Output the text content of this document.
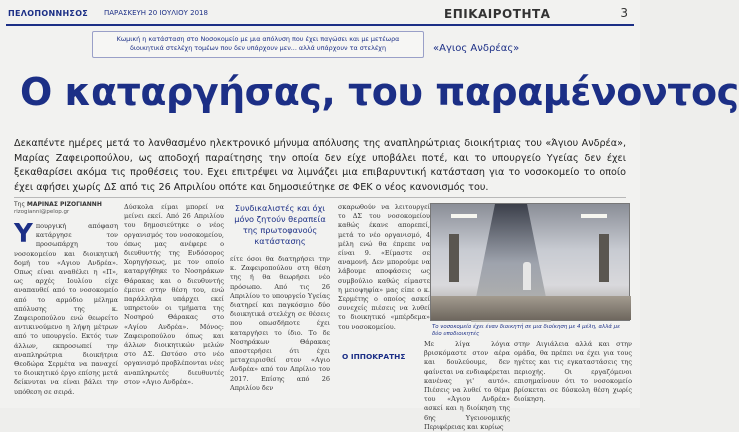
ΠΕΛΟΠΟΝΝΗΣΟΣ ΠΑΡΑΣΚΕΥΗ 20 ΙΟΥΛΙΟΥ 2018	ΕΠΙΚΑΙΡΟΤΗΤΑ	3
Κωμική η κατάσταση στο Νοσοκομείο με μια απόλυση που έχει παγώσει και με μετέωρα διοικητικά στελέχη τομέων που δεν υπάρχουν μεν... αλλά υπάρχουν τα στελέχη	«Αγιος Ανδρέας»
Ο καταργήσας, του παραμένοντος
Δεκαπέντε ημέρες μετά το λανθασμένο ηλεκτρονικό μήνυμα απόλυσης της αναπληρώτριας διοικήτριας του «Άγιου Ανδρέα», Μαρίας Ζαφειροπούλου, ως αποδοχή παραίτησης την οποία δεν είχε υποβάλει ποτέ, και το υπουργείο Υγείας δεν έχει ξεκαθαρίσει ακόμα τις προθέσεις του. Εχει επιτρέψει να λιμνάζει μια επιβαρυντική κατάσταση για το νοσοκομείο το οποίο έχει αφήσει χωρίς ΔΣ από τις 26 Απριλίου οπότε και δημοσιεύτηκε σε ΦΕΚ ο νέος κανονισμός του.
Της ΜΑΡΙΝΑΣ ΡΙΖΟΓΙΑΝΝΗ
rizogianni@pelop.gr
Υπουργική απόφαση κατάργησε τον προσωπάρχη του νοσοκομείου και διοικητική δομή του «Αγιου Ανδρέα». Οπως είναι αναθέλει η «Π», ως αρχές Ιουλίου είχε αναπαυθεί από το νοσοκομείο από το αρμόδιο μέλημα απόλυσης της κ. Ζαφειροπούλου ενώ θεωρείτο αντικινούμενο η λήψη μέτρων από το υπουργείο. Εκτός των άλλων, εκπροσωπεί την αναπληρώτρια διοικήτρια Θεοδώρα Σερμέτα να παναχεί το διοικητικό έργο επίσης μετά δείκνυται να είναι βάλει την υπόθεση σε σειρά.
Δύσκολα είμαι μπορεί να μείνει εκεί. Από 26 Απριλίου του δημοσιεύτηκε ο νέος οργανισμός του νοσοκομείου, όπως μας ανέφερε ο διευθυντής της Ενδόσορος Χορηγήσεως, με τον οποίο καταργήθηκε το Νοσηράκων Θάρακας και ο διευθυντής έμεινε στην θέση του, ενώ παράλληλα υπάρχει εκεί υπηρετούν οι τμήματα της Νοσηρού Θάρακας στο «Αγίου Ανδρέα». Μόνος: Ζαφειροπούλου όπως και άλλων διοικητικών μελών στο ΔΣ. Ωστόσο στο νέο οργανισμό προβλέπονται νέες αναπληρωτές διευθυντές στον «Αγιο Ανδρέα».
Συνδικαλιστές και όχι μόνο ζητούν θεραπεία της πρωτοφανούς κατάστασης
είτε όσοι θα διατηρήσει την κ. Ζαφειροπούλου στη θέση της ή θα θεωρήσει νέο πρόσωπο. Από τις 26 Απριλίου το υπουργείο Υγείας διατηρεί και παγκόσμιο δύο διοικητικά στελέχη σε θέσεις που οπωσδήποτε έχει καταργήσει το ίδιο. Το δε Νοσηράκων Θάρακας αποστερήσει ότι έχει μεταχειρισθεί στον «Αγιο Ανδρέα» από τον Απρίλιο του 2017. Επίσης από 26 Απριλίου δεν
σκαρωθούν να λειτουργεί το ΔΣ του νοσοκομείου καθώς έκανε απορεπεί, μετά το νέο οργανισμό, 4 μέλη ενώ θα έπρεπε να είναι 9. «Είμαστε σε αναμονή. Δεν μπορούμε να λάβουμε αποφάσεις ως συμβούλιο καθώς είμαστε η μειοψηφία» μας είπε ο κ. Σερμέτης ο οποίος ασκεί συνεχείς πιέσεις να λυθεί το διοικητικό «μπέρδεμα» του νοσοκομείου.
Ο ΙΠΠΟΚΡΑΤΗΣ
Το νοσοκομείο έχει έναν διοικητή σε μια διοίκηση με 4 μέλη, αλλά με δύο υποδιοικητές
Με λίγα λόγια βρισκόμαστε στον αέρα και δουλεύουμε, δεν φαίνεται να ενδιαφέρεται κανένας γι' αυτό». Πιέσεις να λυθεί το θέμα του «Άγιου Ανδρέα» ασκεί και η διοίκηση της 6ης Υγειονομικής Περιφέρειας και κυρίως
στην Αιγιάλεια αλλά και στην ομάδα, θα πρέπει να έχει για τους ηγέτες και τις εγκαταστάσεις της περιοχής. Οι εργαζόμενοι επισημαίνουν ότι το νοσοκομείο βρίσκεται σε δύσκολη θέση χωρίς διοίκηση.
